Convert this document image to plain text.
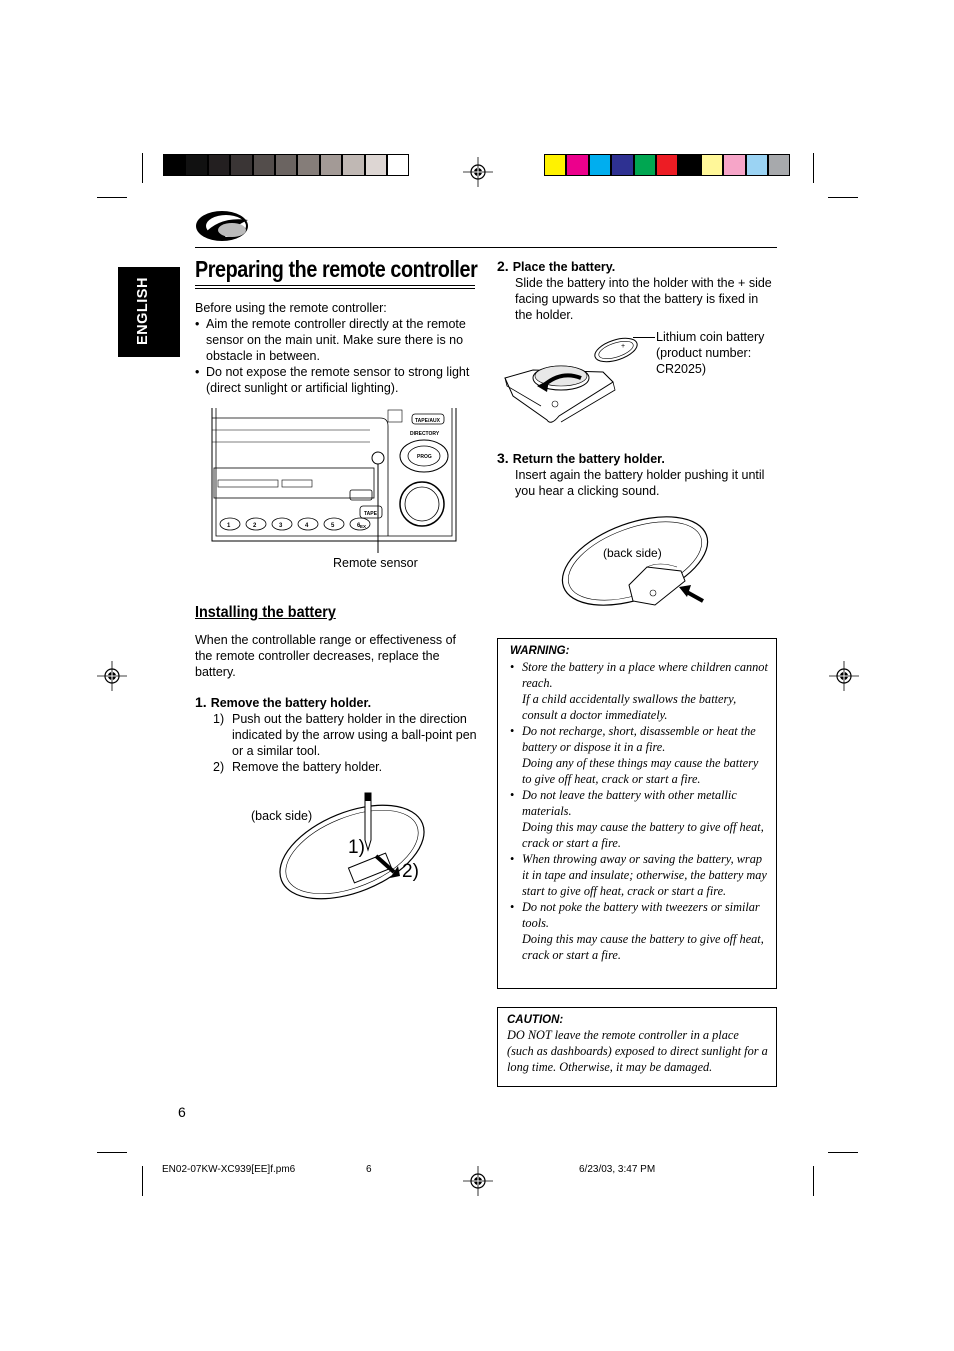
ENGLISH
Preparing the remote controller
Before using the remote controller:
• Aim the remote controller directly at the remote sensor on the main unit. Make sure there is no obstacle in between.
• Do not expose the remote sensor to strong light (direct sunlight or artificial lighting).
TAPE/AUX
DIRECTORY
PROG
TAPE
EX
1	2	3	4	5	6
Remote sensor
Installing the battery
When the controllable range or effectiveness of the remote controller decreases, replace the battery.
1. Remove the battery holder.
1) Push out the battery holder in the direction indicated by the arrow using a ball-point pen or a similar tool.
2) Remove the battery holder.
(back side)
1)
2)
6
2. Place the battery.
Slide the battery into the holder with the + side facing upwards so that the battery is fixed in the holder.
+
Lithium coin battery (product number: CR2025)
3. Return the battery holder.
Insert again the battery holder pushing it until you hear a clicking sound.
(back side)
WARNING:
• Store the battery in a place where children cannot reach.
If a child accidentally swallows the battery, consult a doctor immediately.
• Do not recharge, short, disassemble or heat the battery or dispose it in a fire.
Doing any of these things may cause the battery to give off heat, crack or start a fire.
• Do not leave the battery with other metallic materials.
Doing this may cause the battery to give off heat, crack or start a fire.
• When throwing away or saving the battery, wrap it in tape and insulate; otherwise, the battery may start to give off heat, crack or start a fire.
• Do not poke the battery with tweezers or similar tools.
Doing this may cause the battery to give off heat, crack or start a fire.
CAUTION:
DO NOT leave the remote controller in a place (such as dashboards) exposed to direct sunlight for a long time. Otherwise, it may be damaged.
EN02-07KW-XC939[EE]f.pm6	6	6/23/03, 3:47 PM
